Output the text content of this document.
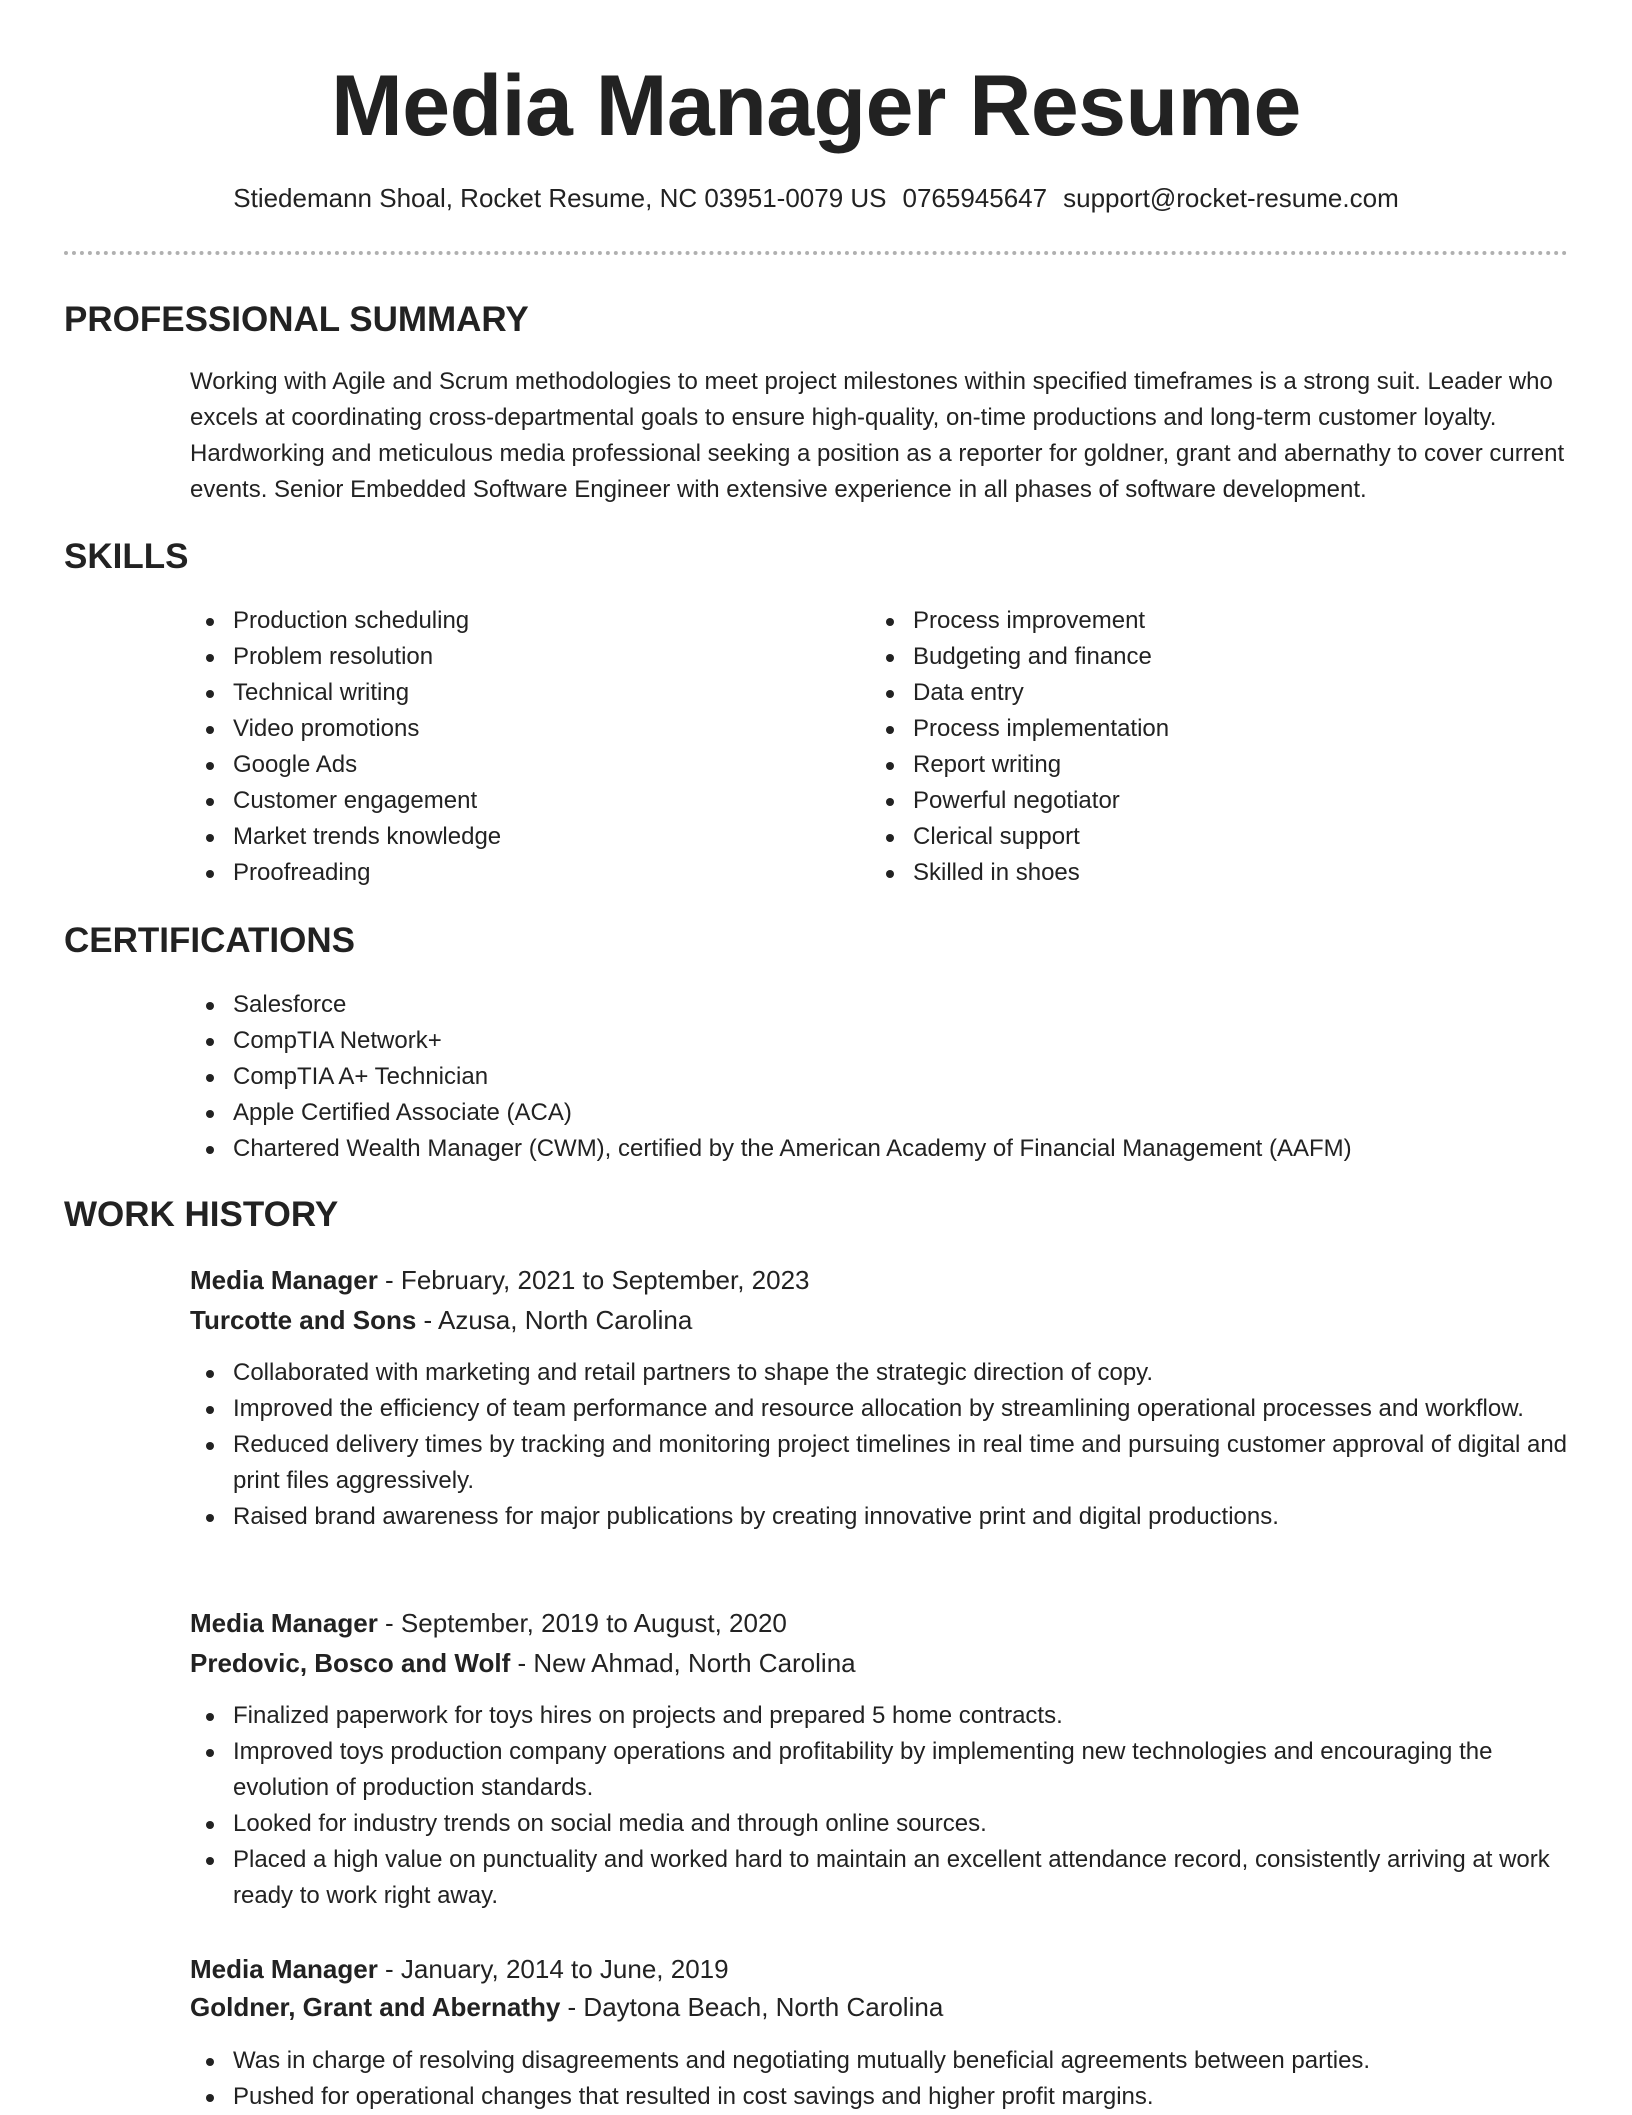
Media Manager Resume
Stiedemann Shoal, Rocket Resume, NC 03951-0079 US 0765945647 support@rocket-resume.com
PROFESSIONAL SUMMARY

Working with Agile and Scrum methodologies to meet project milestones within specified timeframes is a strong suit. Leader who excels at coordinating cross-departmental goals to ensure high-quality, on-time productions and long-term customer loyalty. Hardworking and meticulous media professional seeking a position as a reporter for goldner, grant and abernathy to cover current events. Senior Embedded Software Engineer with extensive experience in all phases of software development.

SKILLS
Production scheduling
Problem resolution
Technical writing
Video promotions
Google Ads
Customer engagement
Market trends knowledge
Proofreading
Process improvement
Budgeting and finance
Data entry
Process implementation
Report writing
Powerful negotiator
Clerical support
Skilled in shoes
CERTIFICATIONS
Salesforce
CompTIA Network+
CompTIA A+ Technician
Apple Certified Associate (ACA)
Chartered Wealth Manager (CWM), certified by the American Academy of Financial Management (AAFM)
WORK HISTORY
Media Manager - February, 2021 to September, 2023
Turcotte and Sons - Azusa, North Carolina
Collaborated with marketing and retail partners to shape the strategic direction of copy.
Improved the efficiency of team performance and resource allocation by streamlining operational processes and workflow.
Reduced delivery times by tracking and monitoring project timelines in real time and pursuing customer approval of digital and print files aggressively.
Raised brand awareness for major publications by creating innovative print and digital productions.
Media Manager - September, 2019 to August, 2020
Predovic, Bosco and Wolf - New Ahmad, North Carolina
Finalized paperwork for toys hires on projects and prepared 5 home contracts.
Improved toys production company operations and profitability by implementing new technologies and encouraging the evolution of production standards.
Looked for industry trends on social media and through online sources.
Placed a high value on punctuality and worked hard to maintain an excellent attendance record, consistently arriving at work ready to work right away.
Media Manager - January, 2014 to June, 2019
Goldner, Grant and Abernathy - Daytona Beach, North Carolina
Was in charge of resolving disagreements and negotiating mutually beneficial agreements between parties.
Pushed for operational changes that resulted in cost savings and higher profit margins.
